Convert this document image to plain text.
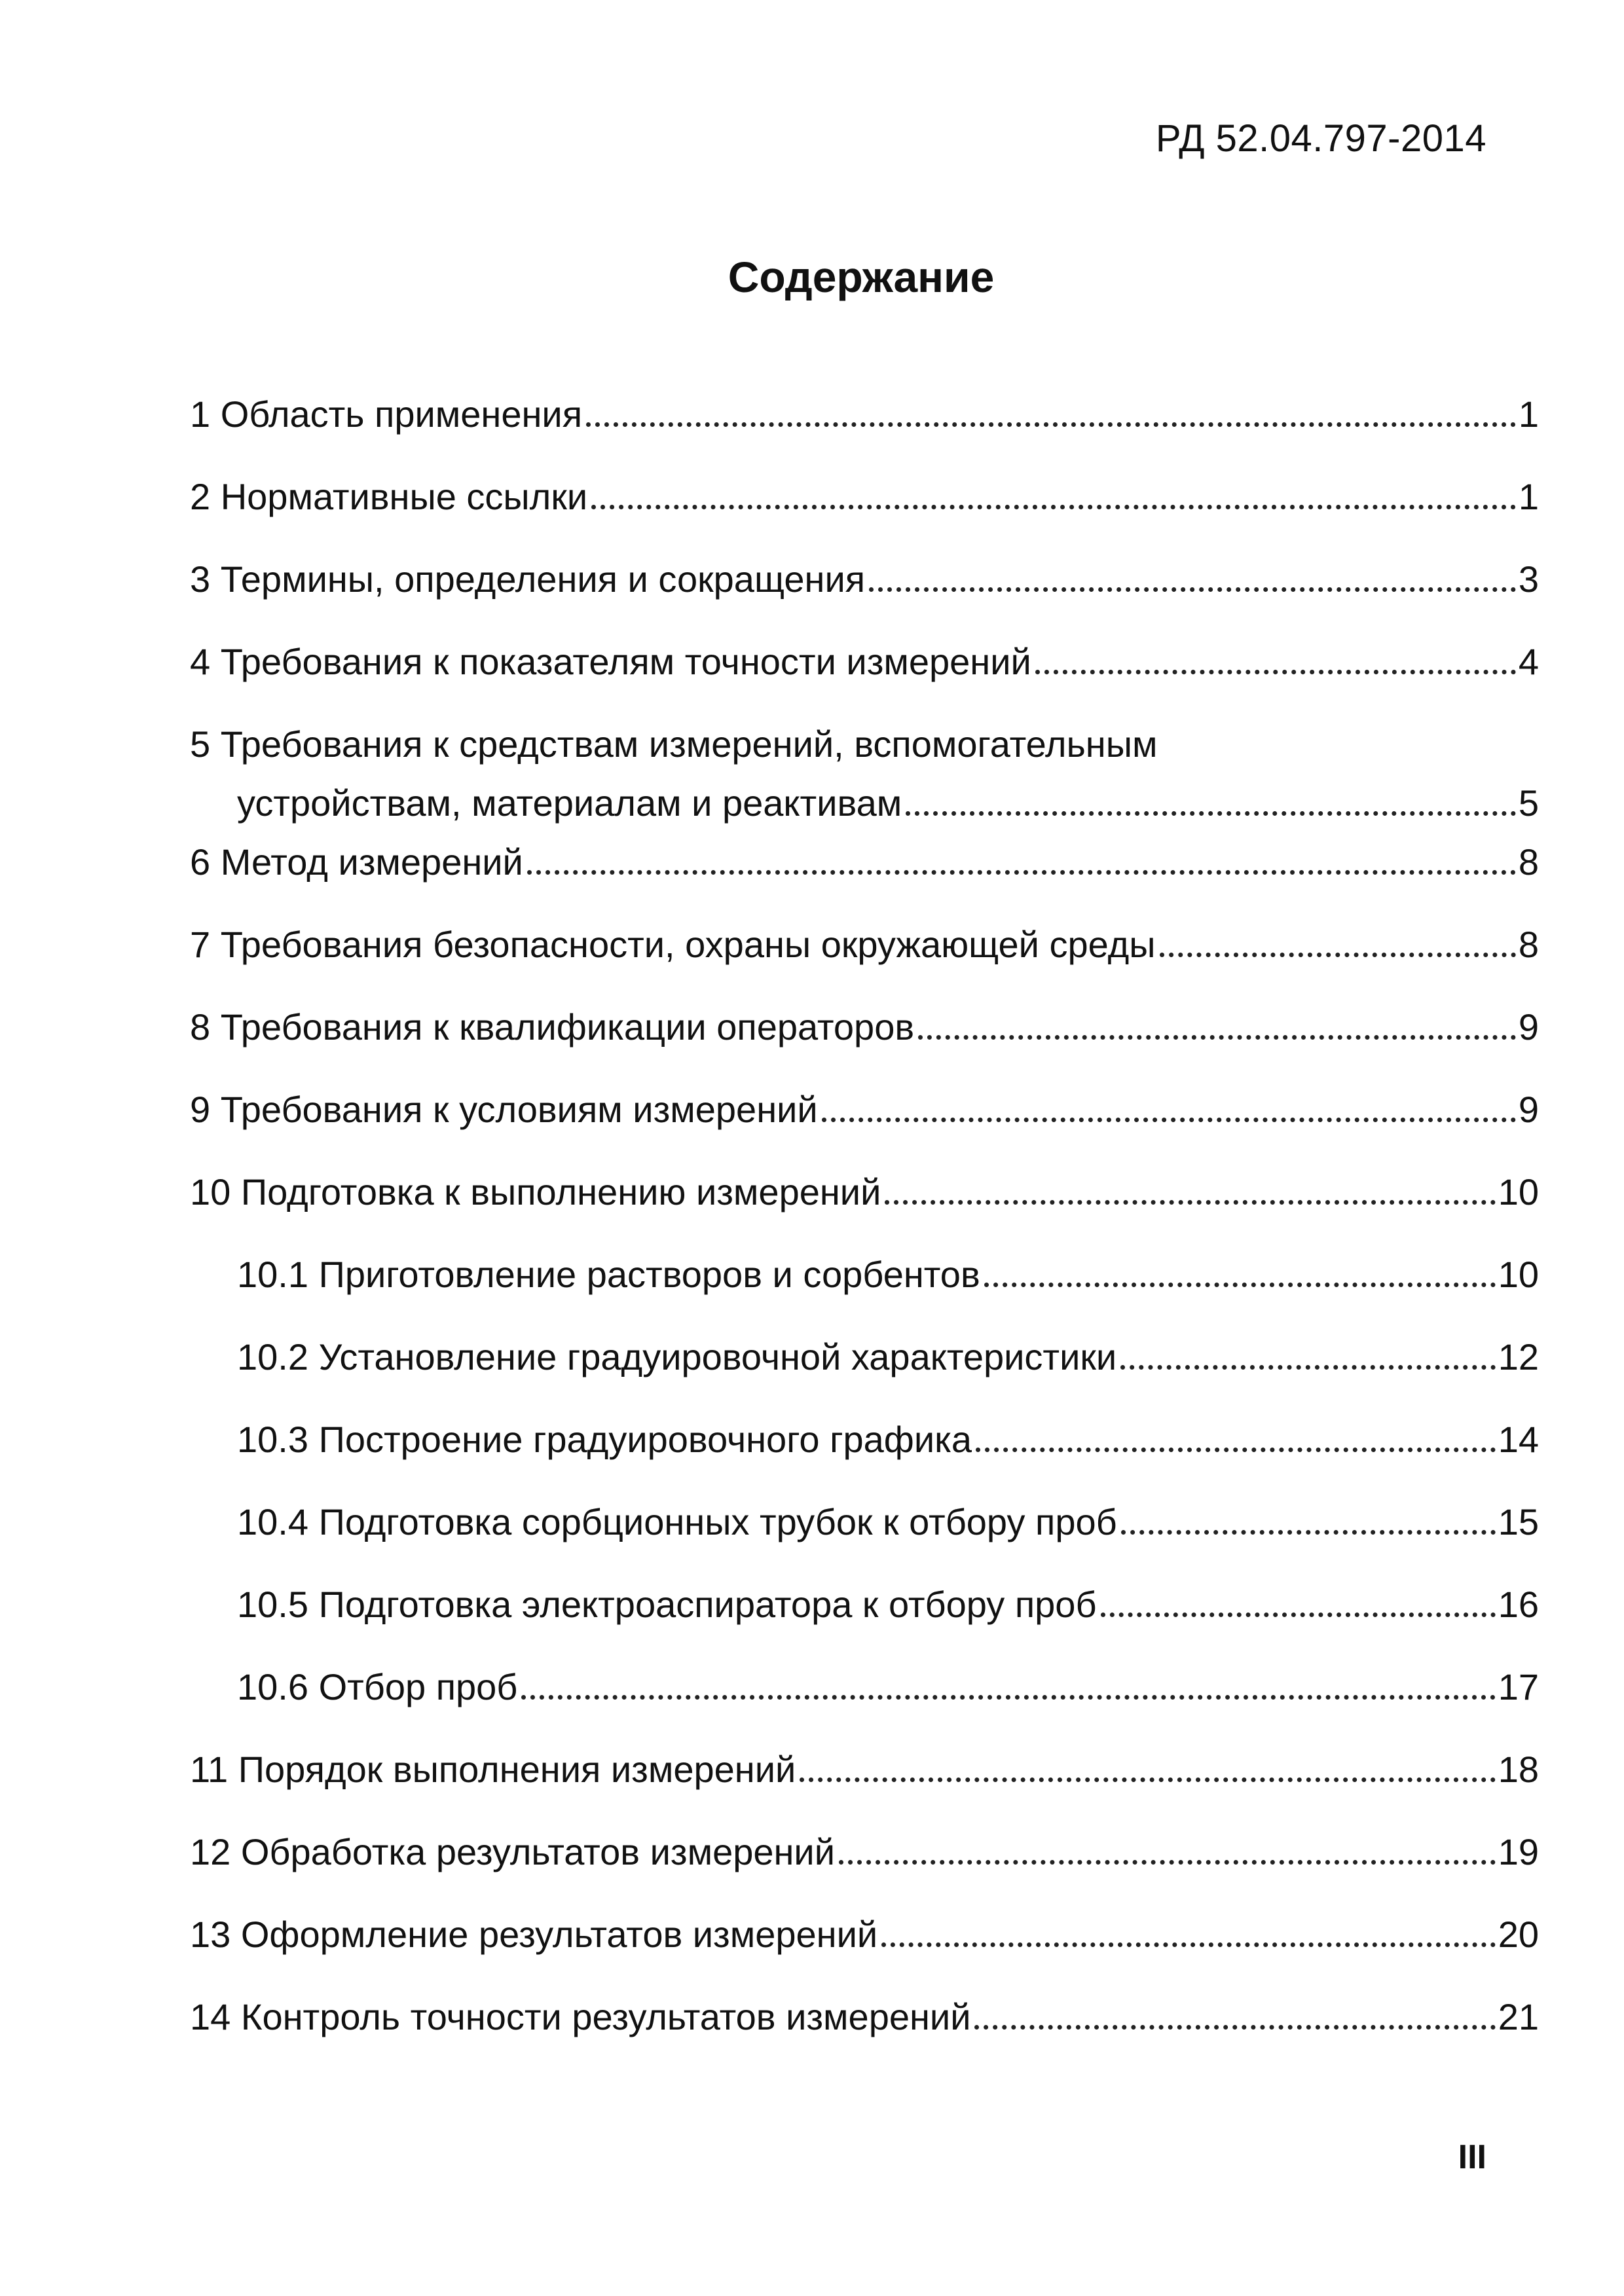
РД 52.04.797-2014
Содержание
1 Область применения	1
2 Нормативные ссылки	1
3 Термины, определения и сокращения	3
4 Требования к показателям точности измерений	4
5 Требования к средствам измерений, вспомогательным
устройствам, материалам и реактивам	5
6 Метод измерений	8
7 Требования безопасности, охраны окружающей среды	8
8 Требования к квалификации операторов	9
9 Требования к условиям измерений	9
10 Подготовка к выполнению измерений	10
10.1 Приготовление растворов и сорбентов	10
10.2 Установление градуировочной характеристики	12
10.3 Построение градуировочного графика	14
10.4 Подготовка сорбционных трубок к отбору проб	15
10.5 Подготовка электроаспиратора к отбору проб	16
10.6 Отбор проб	17
11 Порядок выполнения измерений	18
12 Обработка результатов измерений	19
13 Оформление результатов измерений	20
14 Контроль точности результатов измерений	21
III
